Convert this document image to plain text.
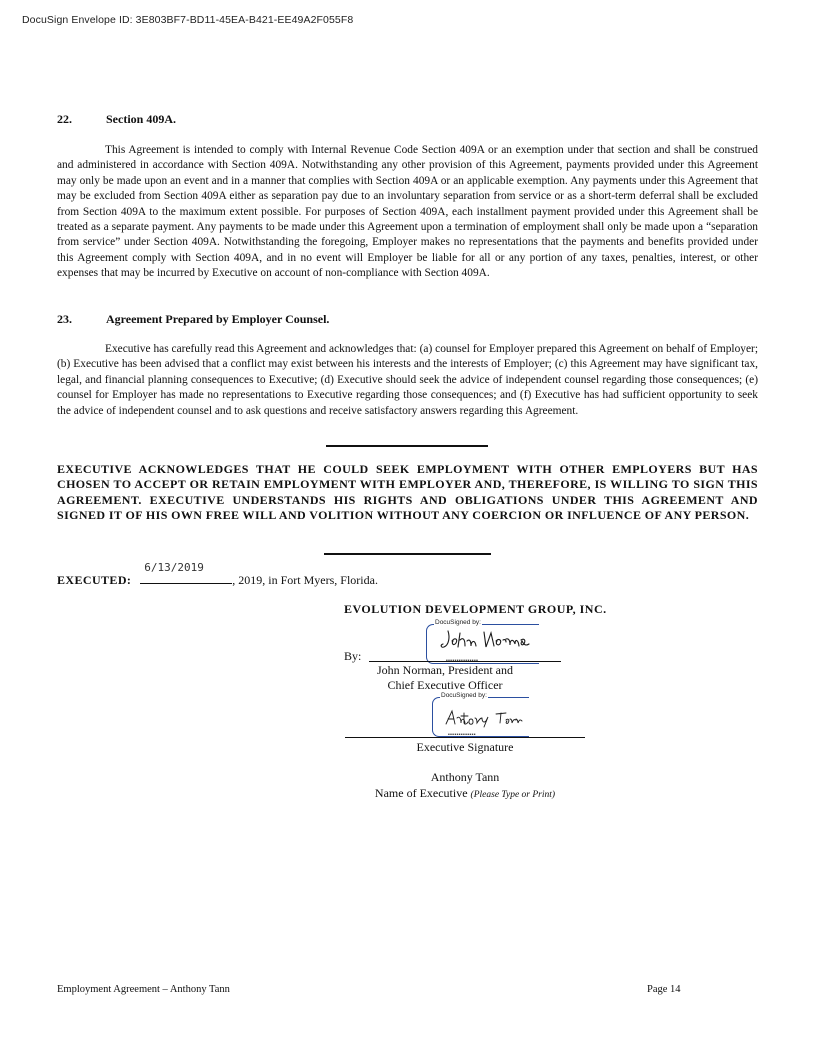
DocuSign Envelope ID: 3E803BF7-BD11-45EA-B421-EE49A2F055F8
22.	Section 409A.
This Agreement is intended to comply with Internal Revenue Code Section 409A or an exemption under that section and shall be construed and administered in accordance with Section 409A. Notwithstanding any other provision of this Agreement, payments provided under this Agreement may only be made upon an event and in a manner that complies with Section 409A or an applicable exemption. Any payments under this Agreement that may be excluded from Section 409A either as separation pay due to an involuntary separation from service or as a short-term deferral shall be excluded from Section 409A to the maximum extent possible. For purposes of Section 409A, each installment payment provided under this Agreement shall be treated as a separate payment. Any payments to be made under this Agreement upon a termination of employment shall only be made upon a “separation from service” under Section 409A. Notwithstanding the foregoing, Employer makes no representations that the payments and benefits provided under this Agreement comply with Section 409A, and in no event will Employer be liable for all or any portion of any taxes, penalties, interest, or other expenses that may be incurred by Executive on account of non-compliance with Section 409A.
23.	Agreement Prepared by Employer Counsel.
Executive has carefully read this Agreement and acknowledges that: (a) counsel for Employer prepared this Agreement on behalf of Employer; (b) Executive has been advised that a conflict may exist between his interests and the interests of Employer; (c) this Agreement may have significant tax, legal, and financial planning consequences to Executive; (d) Executive should seek the advice of independent counsel regarding those consequences; (e) counsel for Employer has made no representations to Executive regarding those consequences; and (f) Executive has had sufficient opportunity to seek the advice of independent counsel and to ask questions and receive satisfactory answers regarding this Agreement.
EXECUTIVE ACKNOWLEDGES THAT HE COULD SEEK EMPLOYMENT WITH OTHER EMPLOYERS BUT HAS CHOSEN TO ACCEPT OR RETAIN EMPLOYMENT WITH EMPLOYER AND, THEREFORE, IS WILLING TO SIGN THIS AGREEMENT. EXECUTIVE UNDERSTANDS HIS RIGHTS AND OBLIGATIONS UNDER THIS AGREEMENT AND SIGNED IT OF HIS OWN FREE WILL AND VOLITION WITHOUT ANY COERCION OR INFLUENCE OF ANY PERSON.
EXECUTED:
6/13/2019
, 2019, in Fort Myers, Florida.
EVOLUTION DEVELOPMENT GROUP, INC.
DocuSigned by:
▪▪▪▪▪▪▪▪▪▪▪▪▪▪▪
John Norman
By:
John Norman, President and
Chief Executive Officer
DocuSigned by:
▪▪▪▪▪▪▪▪▪▪▪▪▪
Anthony Tann
Executive Signature
Anthony Tann
Name of Executive (Please Type or Print)
Employment Agreement – Anthony Tann	Page 14
